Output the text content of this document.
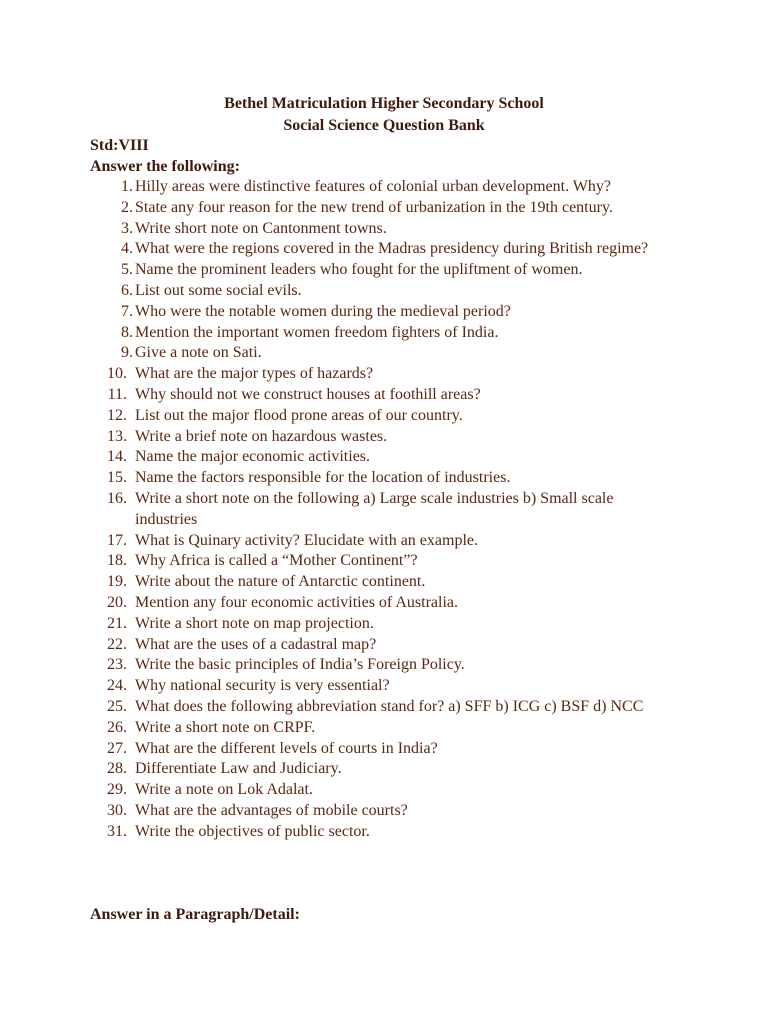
Bethel Matriculation Higher Secondary School
Social Science Question Bank
Std:VIII
Answer the following:
1. Hilly areas were distinctive features of colonial urban development. Why?
2. State any four reason for the new trend of urbanization in the 19th century.
3. Write short note on Cantonment towns.
4. What were the regions covered in the Madras presidency during British regime?
5. Name the prominent leaders who fought for the upliftment of women.
6. List out some social evils.
7. Who were the notable women during the medieval period?
8. Mention the important women freedom fighters of India.
9. Give a note on Sati.
10. What are the major types of hazards?
11. Why should not we construct houses at foothill areas?
12. List out the major flood prone areas of our country.
13. Write a brief note on hazardous wastes.
14. Name the major economic activities.
15. Name the factors responsible for the location of industries.
16. Write a short note on the following a) Large scale industries b) Small scale industries
17. What is Quinary activity? Elucidate with an example.
18. Why Africa is called a “Mother Continent”?
19. Write about the nature of Antarctic continent.
20. Mention any four economic activities of Australia.
21. Write a short note on map projection.
22. What are the uses of a cadastral map?
23. Write the basic principles of India’s Foreign Policy.
24. Why national security is very essential?
25. What does the following abbreviation stand for? a) SFF b) ICG c) BSF d) NCC
26. Write a short note on CRPF.
27. What are the different levels of courts in India?
28. Differentiate Law and Judiciary.
29. Write a note on Lok Adalat.
30. What are the advantages of mobile courts?
31. Write the objectives of public sector.
Answer in a Paragraph/Detail:
